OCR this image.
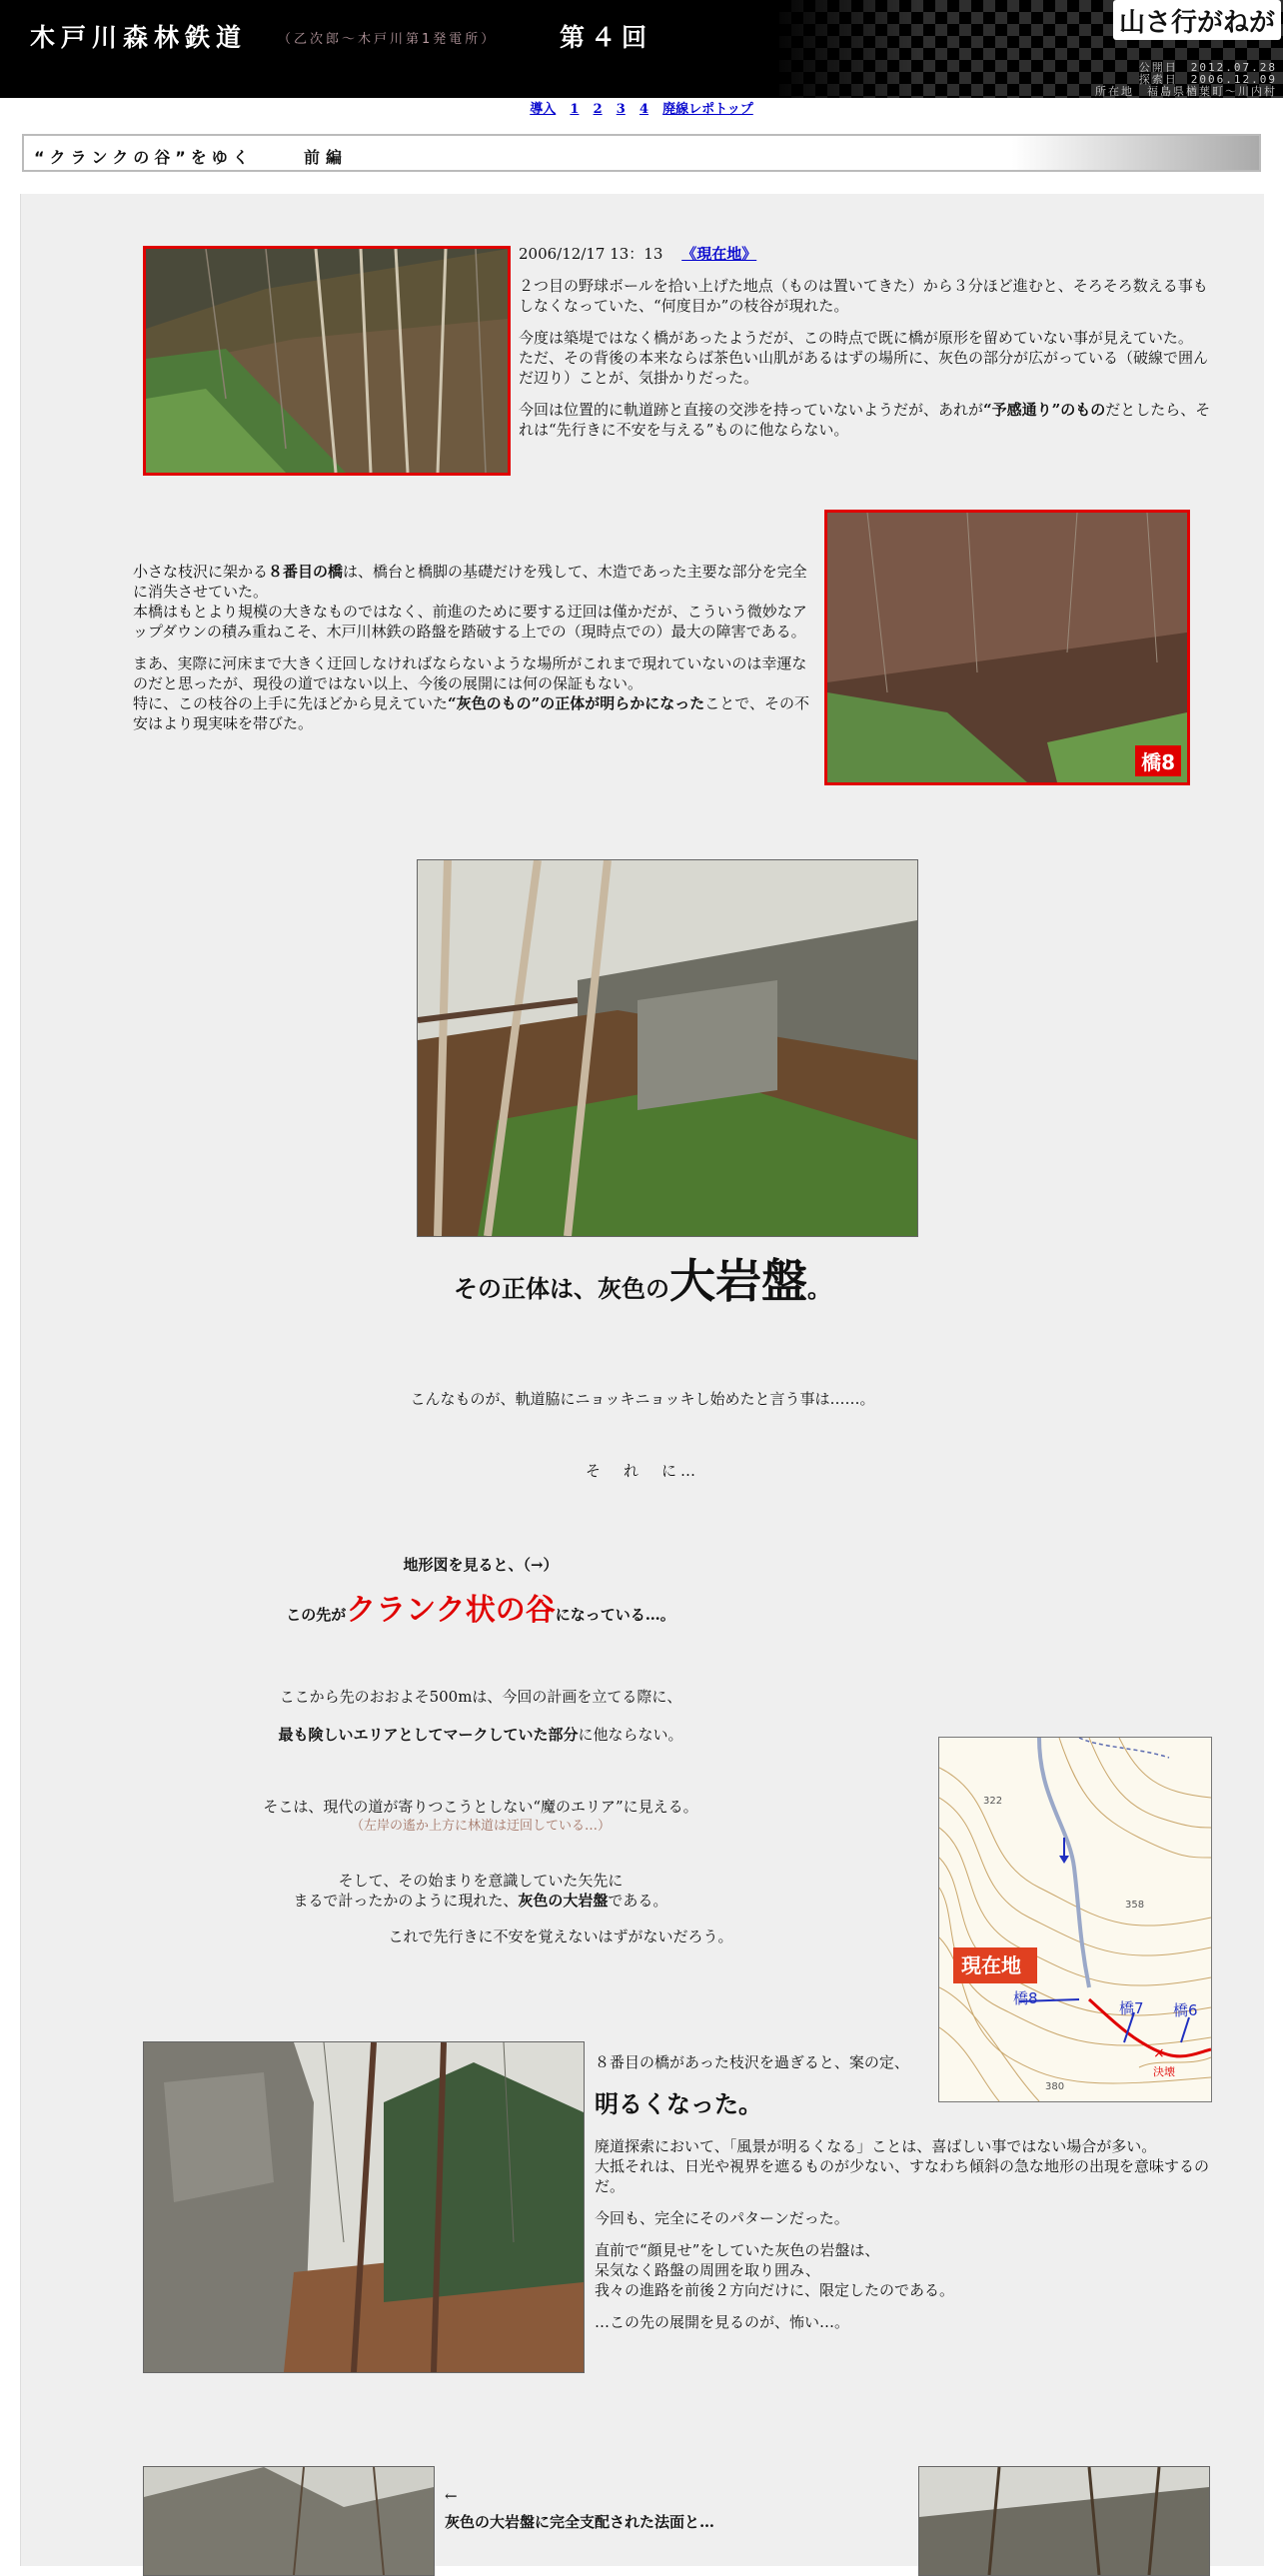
木戸川森林鉄道 （乙次郎～木戸川第1発電所）	第４回	山さ行がねが
公開日　2012.07.28
探索日　2006.12.09
所在地　福島県楢葉町～川内村
導入 1 2 3 4 廃線レポトップ
“クランクの谷”をゆく	前編

2006/12/17 13：13 《現在地》

２つ目の野球ボールを拾い上げた地点（ものは置いてきた）から３分ほど進むと、そろそろ数える事もしなくなっていた、“何度目か”の枝谷が現れた。

今度は築堤ではなく橋があったようだが、この時点で既に橋が原形を留めていない事が見えていた。
ただ、その背後の本来ならば茶色い山肌があるはずの場所に、灰色の部分が広がっている（破線で囲んだ辺り）ことが、気掛かりだった。

今回は位置的に軌道跡と直接の交渉を持っていないようだが、あれが“予感通り”のものだとしたら、それは“先行きに不安を与える”ものに他ならない。

橋8

小さな枝沢に架かる８番目の橋は、橋台と橋脚の基礎だけを残して、木造であった主要な部分を完全に消失させていた。
本橋はもとより規模の大きなものではなく、前進のために要する迂回は僅かだが、こういう微妙なアップダウンの積み重ねこそ、木戸川林鉄の路盤を踏破する上での（現時点での）最大の障害である。

まあ、実際に河床まで大きく迂回しなければならないような場所がこれまで現れていないのは幸運なのだと思ったが、現役の道ではない以上、今後の展開には何の保証もない。
特に、この枝谷の上手に先ほどから見えていた“灰色のもの”の正体が明らかになったことで、その不安はより現実味を帯びた。

その正体は、灰色の大岩盤。
こんなものが、軌道脇にニョッキニョッキし始めたと言う事は……。
そ　れ　に…
地形図を見ると、（→）
この先がクランク状の谷になっている…。
ここから先のおおよそ500mは、今回の計画を立てる際に、
最も険しいエリアとしてマークしていた部分に他ならない。
そこは、現代の道が寄りつこうとしない“魔のエリア”に見える。
（左岸の遙か上方に林道は迂回している…）
そして、その始まりを意識していた矢先に
まるで計ったかのように現れた、灰色の大岩盤である。
これで先行きに不安を覚えないはずがないだろう。
×
現在地
橋8
橋7 橋6
決壊
322
358
380

８番目の橋があった枝沢を過ぎると、案の定、

明るくなった。

廃道探索において、「風景が明るくなる」ことは、喜ばしい事ではない場合が多い。
大抵それは、日光や視界を遮るものが少ない、すなわち傾斜の急な地形の出現を意味するのだ。

今回も、完全にそのパターンだった。

直前で“顔見せ”をしていた灰色の岩盤は、
呆気なく路盤の周囲を取り囲み、
我々の進路を前後２方向だけに、限定したのである。

…この先の展開を見るのが、怖い…。

←
灰色の大岩盤に完全支配された法面と…
